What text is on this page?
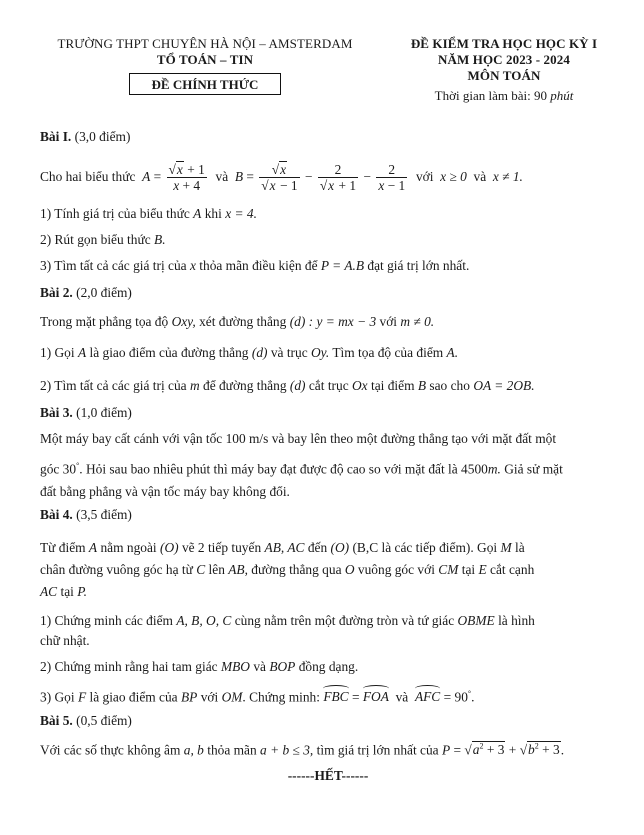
TRƯỜNG THPT CHUYÊN HÀ NỘI – AMSTERDAM
TỔ TOÁN – TIN
ĐỀ CHÍNH THỨC
ĐỀ KIỂM TRA HỌC HỌC KỲ I
NĂM HỌC 2023 - 2024
MÔN TOÁN
Thời gian làm bài: 90 phút
Bài I. (3,0 điểm)
Cho hai biểu thức $A = \frac{√x + 1}{x + 4}$ và $B = \frac{√x}{√x - 1} - \frac{2}{√x + 1} - \frac{2}{x - 1}$ với x ≥ 0 và x ≠ 1.
1) Tính giá trị của biểu thức A khi x = 4.
2) Rút gọn biểu thức B.
3) Tìm tất cả các giá trị của x thỏa mãn điều kiện để P = A.B đạt giá trị lớn nhất.
Bài 2. (2,0 điểm)
Trong mặt phẳng tọa độ Oxy, xét đường thẳng (d) : y = mx − 3 với m ≠ 0.
1) Gọi A là giao điểm của đường thẳng (d) và trục Oy. Tìm tọa độ của điểm A.
2) Tìm tất cả các giá trị của m để đường thẳng (d) cắt trục Ox tại điểm B sao cho OA = 2OB.
Bài 3. (1,0 điểm)
Một máy bay cất cánh với vận tốc 100 m/s và bay lên theo một đường thẳng tạo với mặt đất một
góc 30°. Hỏi sau bao nhiêu phút thì máy bay đạt được độ cao so với mặt đất là 4500m. Giả sử mặt
đất bằng phẳng và vận tốc máy bay không đổi.
Bài 4. (3,5 điểm)
Từ điểm A nằm ngoài (O) vẽ 2 tiếp tuyến AB, AC đến (O) (B,C là các tiếp điểm). Gọi M là
chân đường vuông góc hạ từ C lên AB, đường thẳng qua O vuông góc với CM tại E cắt cạnh
AC tại P.
1) Chứng minh các điểm A, B, O, C cùng nằm trên một đường tròn và tứ giác OBME là hình
chữ nhật.
2) Chứng minh rằng hai tam giác MBO và BOP đồng dạng.
3) Gọi F là giao điểm của BP với OM. Chứng minh: FBC = FOA và AFC = 90°.
Bài 5. (0,5 điểm)
Với các số thực không âm a, b thỏa mãn a + b ≤ 3, tìm giá trị lớn nhất của $P = √a^2 + 3 + √b^2 + 3$.
------HẾT------
